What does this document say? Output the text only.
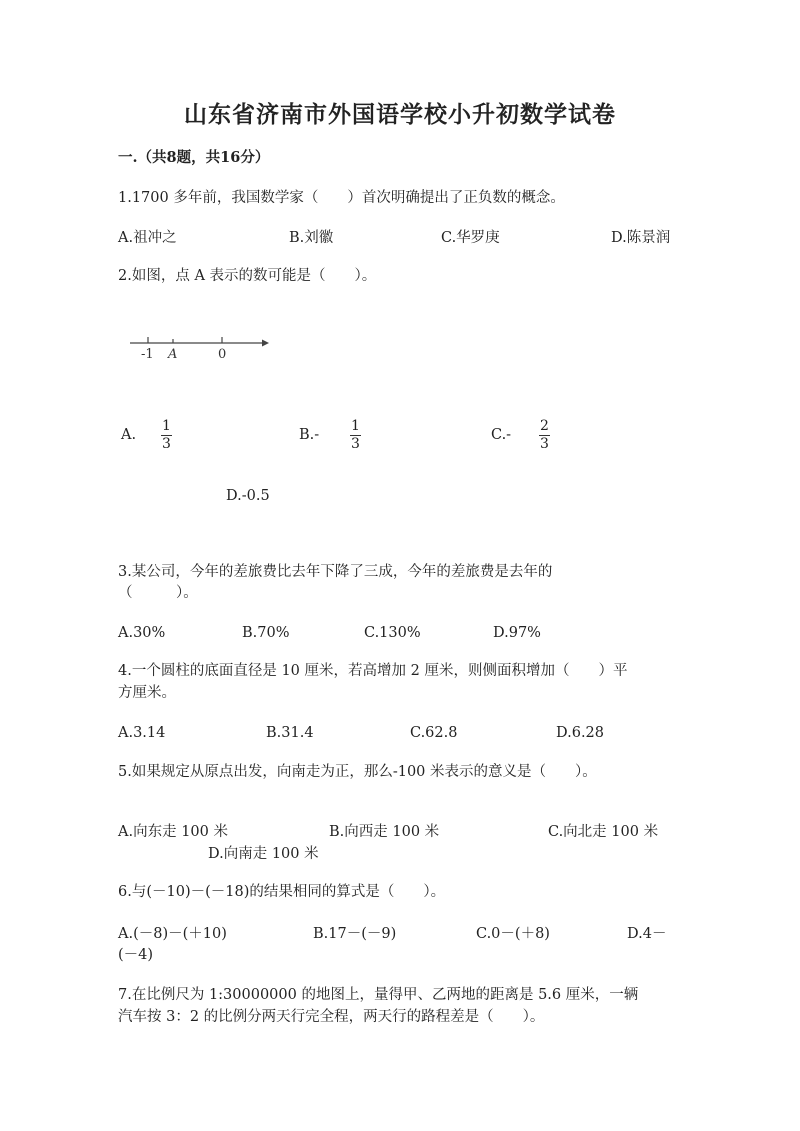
山东省济南市外国语学校小升初数学试卷
一.（共8题，共16分）
1.1700 多年前，我国数学家（　　）首次明确提出了正负数的概念。
A.祖冲之	B.刘徽	C.华罗庚	D.陈景润
2.如图，点 A 表示的数可能是（　　）。
-1 A	0
A.
1
3
B.-
1
3
C.-
2
3
D.-0.5
3.某公司，今年的差旅费比去年下降了三成，今年的差旅费是去年的
（　　　）。
A.30%	B.70%	C.130%	D.97%
4.一个圆柱的底面直径是 10 厘米，若高增加 2 厘米，则侧面积增加（　　）平
方厘米。
A.3.14	B.31.4	C.62.8	D.6.28
5.如果规定从原点出发，向南走为正，那么-100 米表示的意义是（　　）。
A.向东走 100 米	B.向西走 100 米	C.向北走 100 米
D.向南走 100 米
6.与(－10)－(－18)的结果相同的算式是（　　）。
A.(－8)－(＋10)	B.17－(－9)	C.0－(＋8)	D.4－
(－4)
7.在比例尺为 1:30000000 的地图上，量得甲、乙两地的距离是 5.6 厘米，一辆
汽车按 3：2 的比例分两天行完全程，两天行的路程差是（　　）。
